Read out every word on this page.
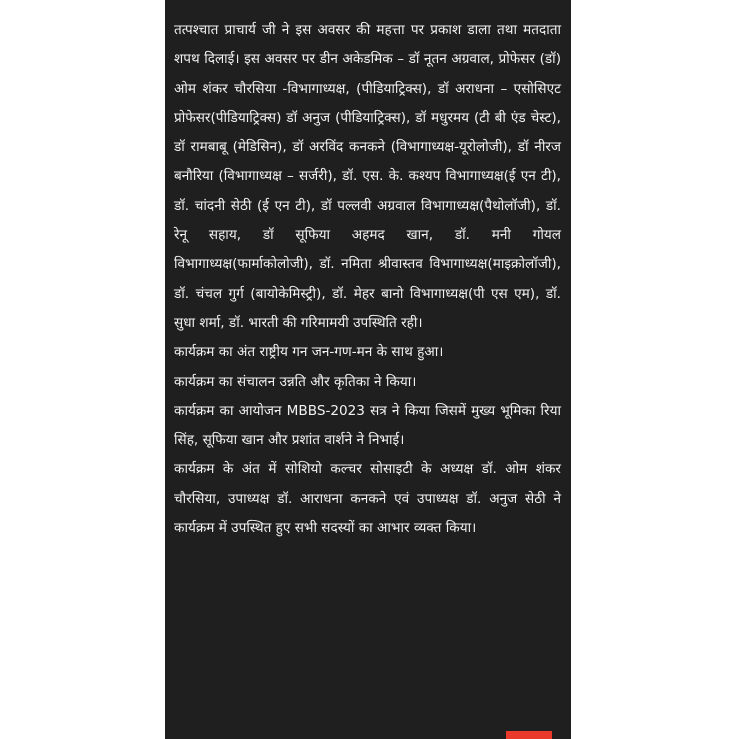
तत्पश्चात प्राचार्य जी ने इस अवसर की महत्ता पर प्रकाश डाला तथा मतदाता शपथ दिलाई। इस अवसर पर डीन अकेडमिक – डॉ नूतन अग्रवाल, प्रोफेसर (डॉ) ओम शंकर चौरसिया -विभागाध्यक्ष, (पीडियाट्रिक्स), डॉ अराधना – एसोसिएट प्रोफेसर(पीडियाट्रिक्स) डॉ अनुज (पीडियाट्रिक्स), डॉ मधुरमय (टी बी एंड चेस्ट), डॉ रामबाबू (मेडिसिन), डॉ अरविंद कनकने (विभागाध्यक्ष-यूरोलोजी), डॉ नीरज बनौरिया (विभागाध्यक्ष – सर्जरी), डॉ. एस. के. कश्यप विभागाध्यक्ष(ई एन टी), डॉ. चांदनी सेठी (ई एन टी), डॉ पल्लवी अग्रवाल विभागाध्यक्ष(पैथोलॉजी), डॉ. रेनू सहाय, डॉ सूफिया अहमद खान, डॉ. मनी गोयल विभागाध्यक्ष(फार्माकोलोजी), डॉ. नमिता श्रीवास्तव विभागाध्यक्ष(माइक्रोलॉजी), डॉ. चंचल गुर्ग (बायोकेमिस्ट्री), डॉ. मेहर बानो विभागाध्यक्ष(पी एस एम), डॉ. सुधा शर्मा, डॉ. भारती की गरिमामयी उपस्थिति रही।

कार्यक्रम का अंत राष्ट्रीय गन जन-गण-मन के साथ हुआ।

कार्यक्रम का संचालन उन्नति और कृतिका ने किया।

कार्यक्रम का आयोजन MBBS-2023 सत्र ने किया जिसमें मुख्य भूमिका रिया सिंह, सूफिया खान और प्रशांत वार्शने ने निभाई।

कार्यक्रम के अंत में सोशियो कल्चर सोसाइटी के अध्यक्ष डॉ. ओम शंकर चौरसिया, उपाध्यक्ष डॉ. आराधना कनकने एवं उपाध्यक्ष डॉ. अनुज सेठी ने कार्यक्रम में उपस्थित हुए सभी सदस्यों का आभार व्यक्त किया।
